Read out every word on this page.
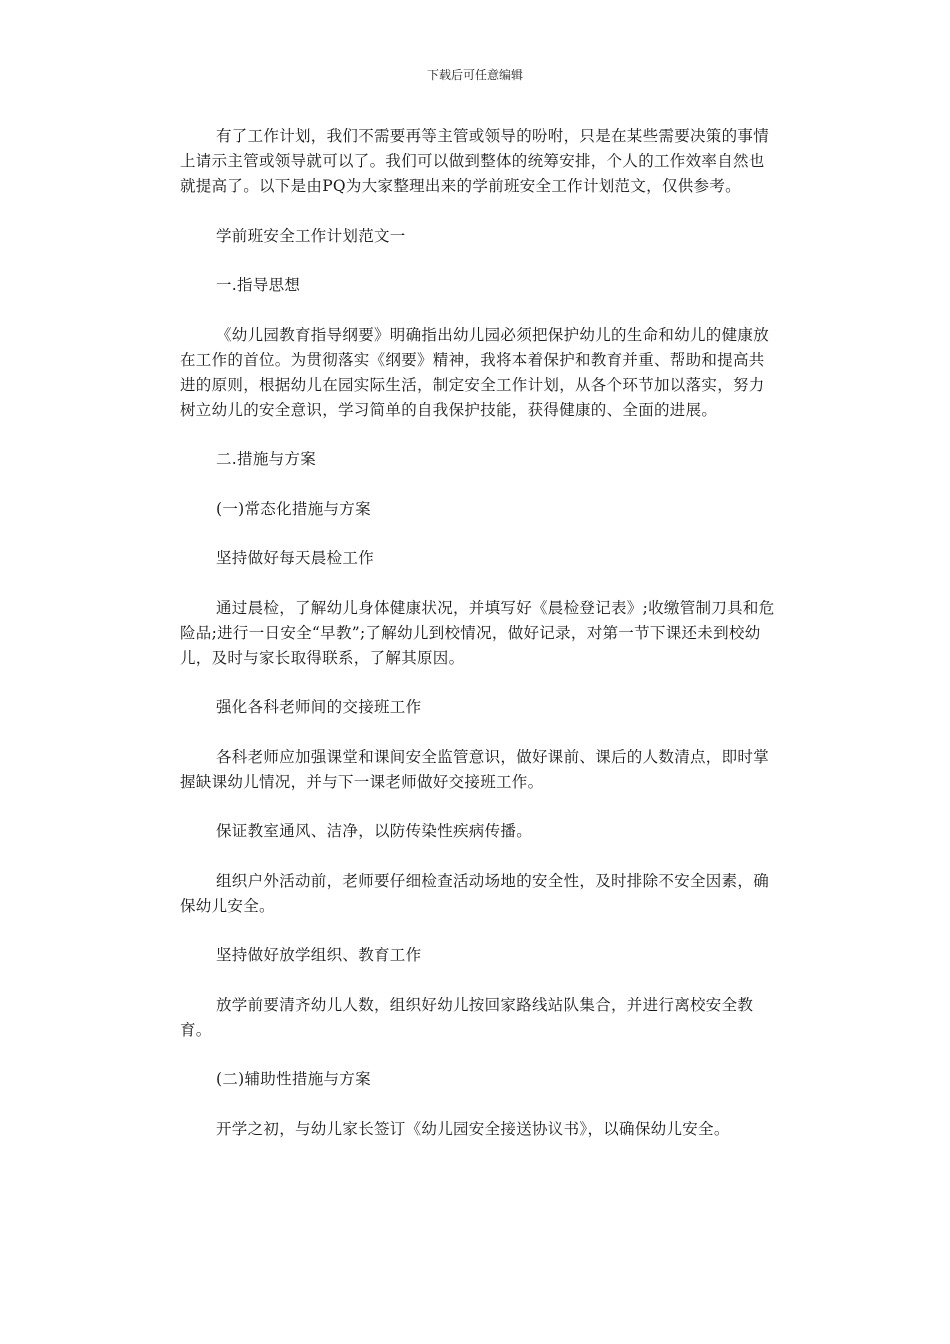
下载后可任意编辑

有了工作计划，我们不需要再等主管或领导的吩咐，只是在某些需要决策的事情上请示主管或领导就可以了。我们可以做到整体的统筹安排，个人的工作效率自然也就提高了。以下是由PQ为大家整理出来的学前班安全工作计划范文，仅供参考。

学前班安全工作计划范文一

一.指导思想

《幼儿园教育指导纲要》明确指出幼儿园必须把保护幼儿的生命和幼儿的健康放在工作的首位。为贯彻落实《纲要》精神，我将本着保护和教育并重、帮助和提高共进的原则，根据幼儿在园实际生活，制定安全工作计划，从各个环节加以落实，努力树立幼儿的安全意识，学习简单的自我保护技能，获得健康的、全面的进展。

二.措施与方案

(一)常态化措施与方案

坚持做好每天晨检工作

通过晨检，了解幼儿身体健康状况，并填写好《晨检登记表》;收缴管制刀具和危险品;进行一日安全“早教”;了解幼儿到校情况，做好记录，对第一节下课还未到校幼儿，及时与家长取得联系，了解其原因。

强化各科老师间的交接班工作

各科老师应加强课堂和课间安全监管意识，做好课前、课后的人数清点，即时掌握缺课幼儿情况，并与下一课老师做好交接班工作。

保证教室通风、洁净，以防传染性疾病传播。

组织户外活动前，老师要仔细检查活动场地的安全性，及时排除不安全因素，确保幼儿安全。

坚持做好放学组织、教育工作

放学前要清齐幼儿人数，组织好幼儿按回家路线站队集合，并进行离校安全教育。

(二)辅助性措施与方案

开学之初，与幼儿家长签订《幼儿园安全接送协议书》，以确保幼儿安全。
